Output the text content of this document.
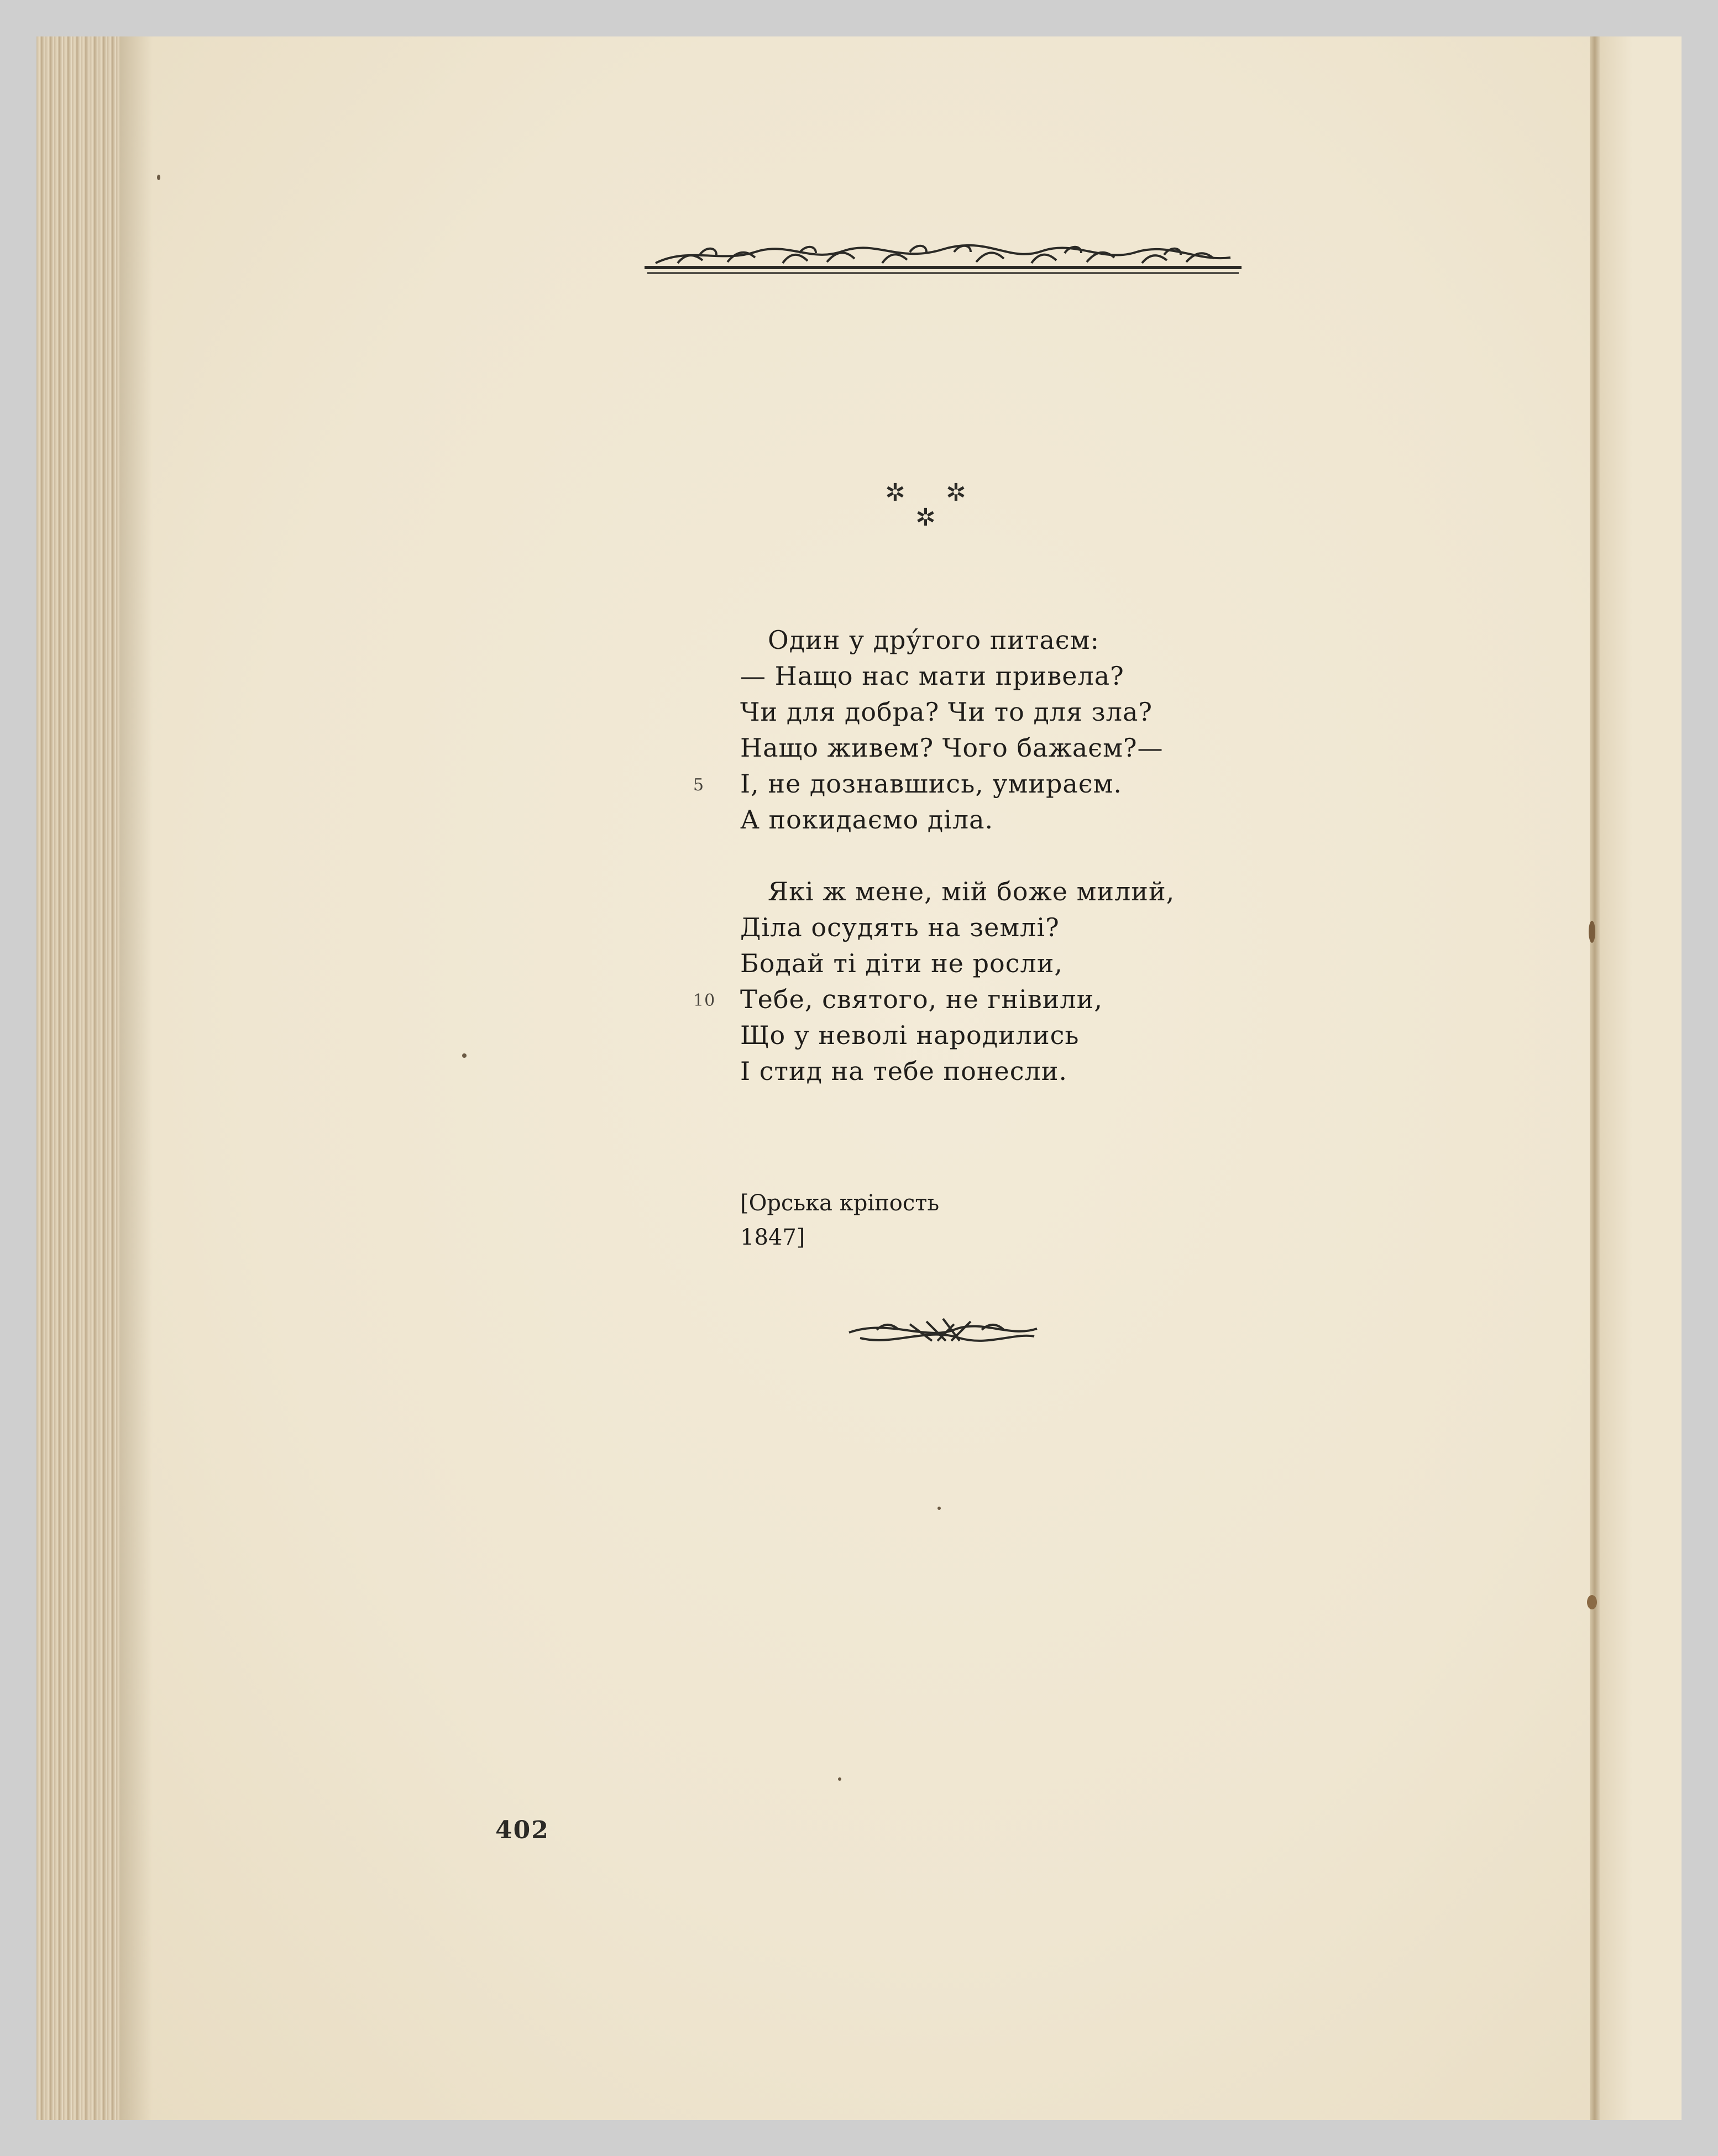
✲ ✲
✲
Один у дру́гого питаєм:
— Нащо нас мати привела?
Чи для добра? Чи то для зла?
Нащо живем? Чого бажаєм?—
5 І, не дознавшись, умираєм.
А покидаємо діла.
Які ж мене, мій боже милий,
Діла осудять на землі?
Бодай ті діти не росли,
10 Тебе, святого, не гнівили,
Що у неволі народились
І стид на тебе понесли.
[Орська кріпость
1847]
402
